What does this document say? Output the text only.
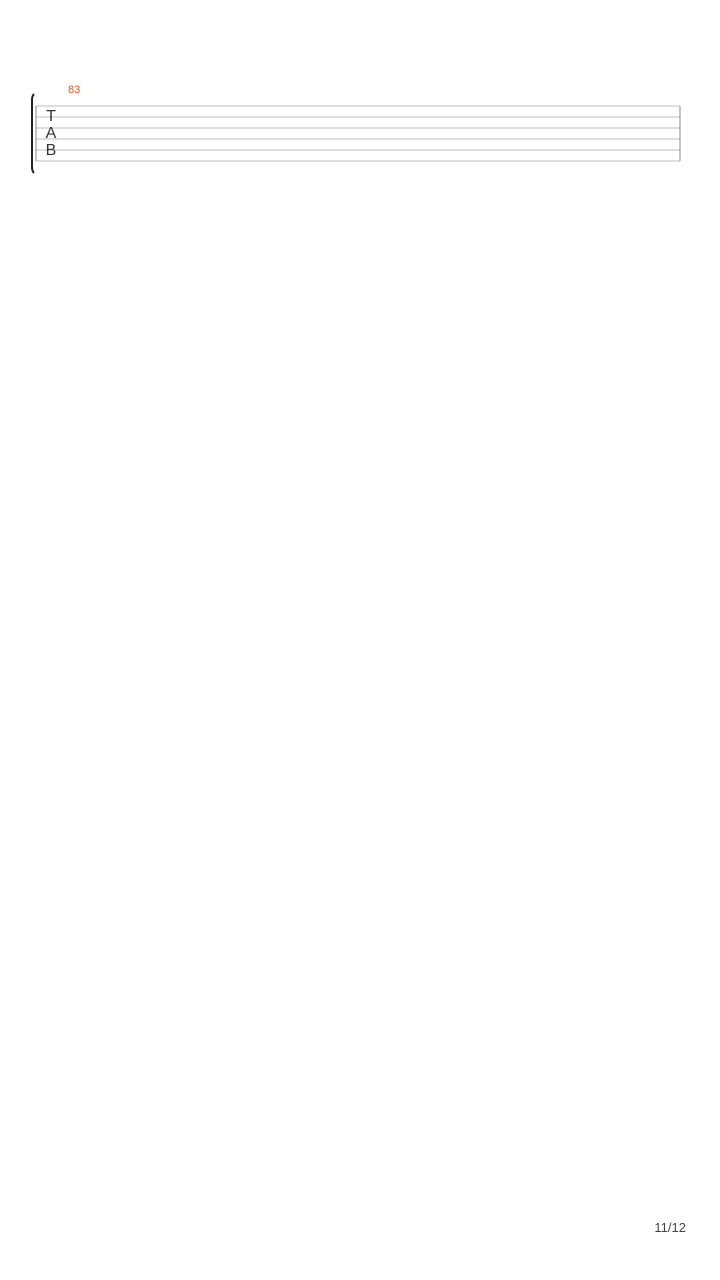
T
A
B
83
11/12
